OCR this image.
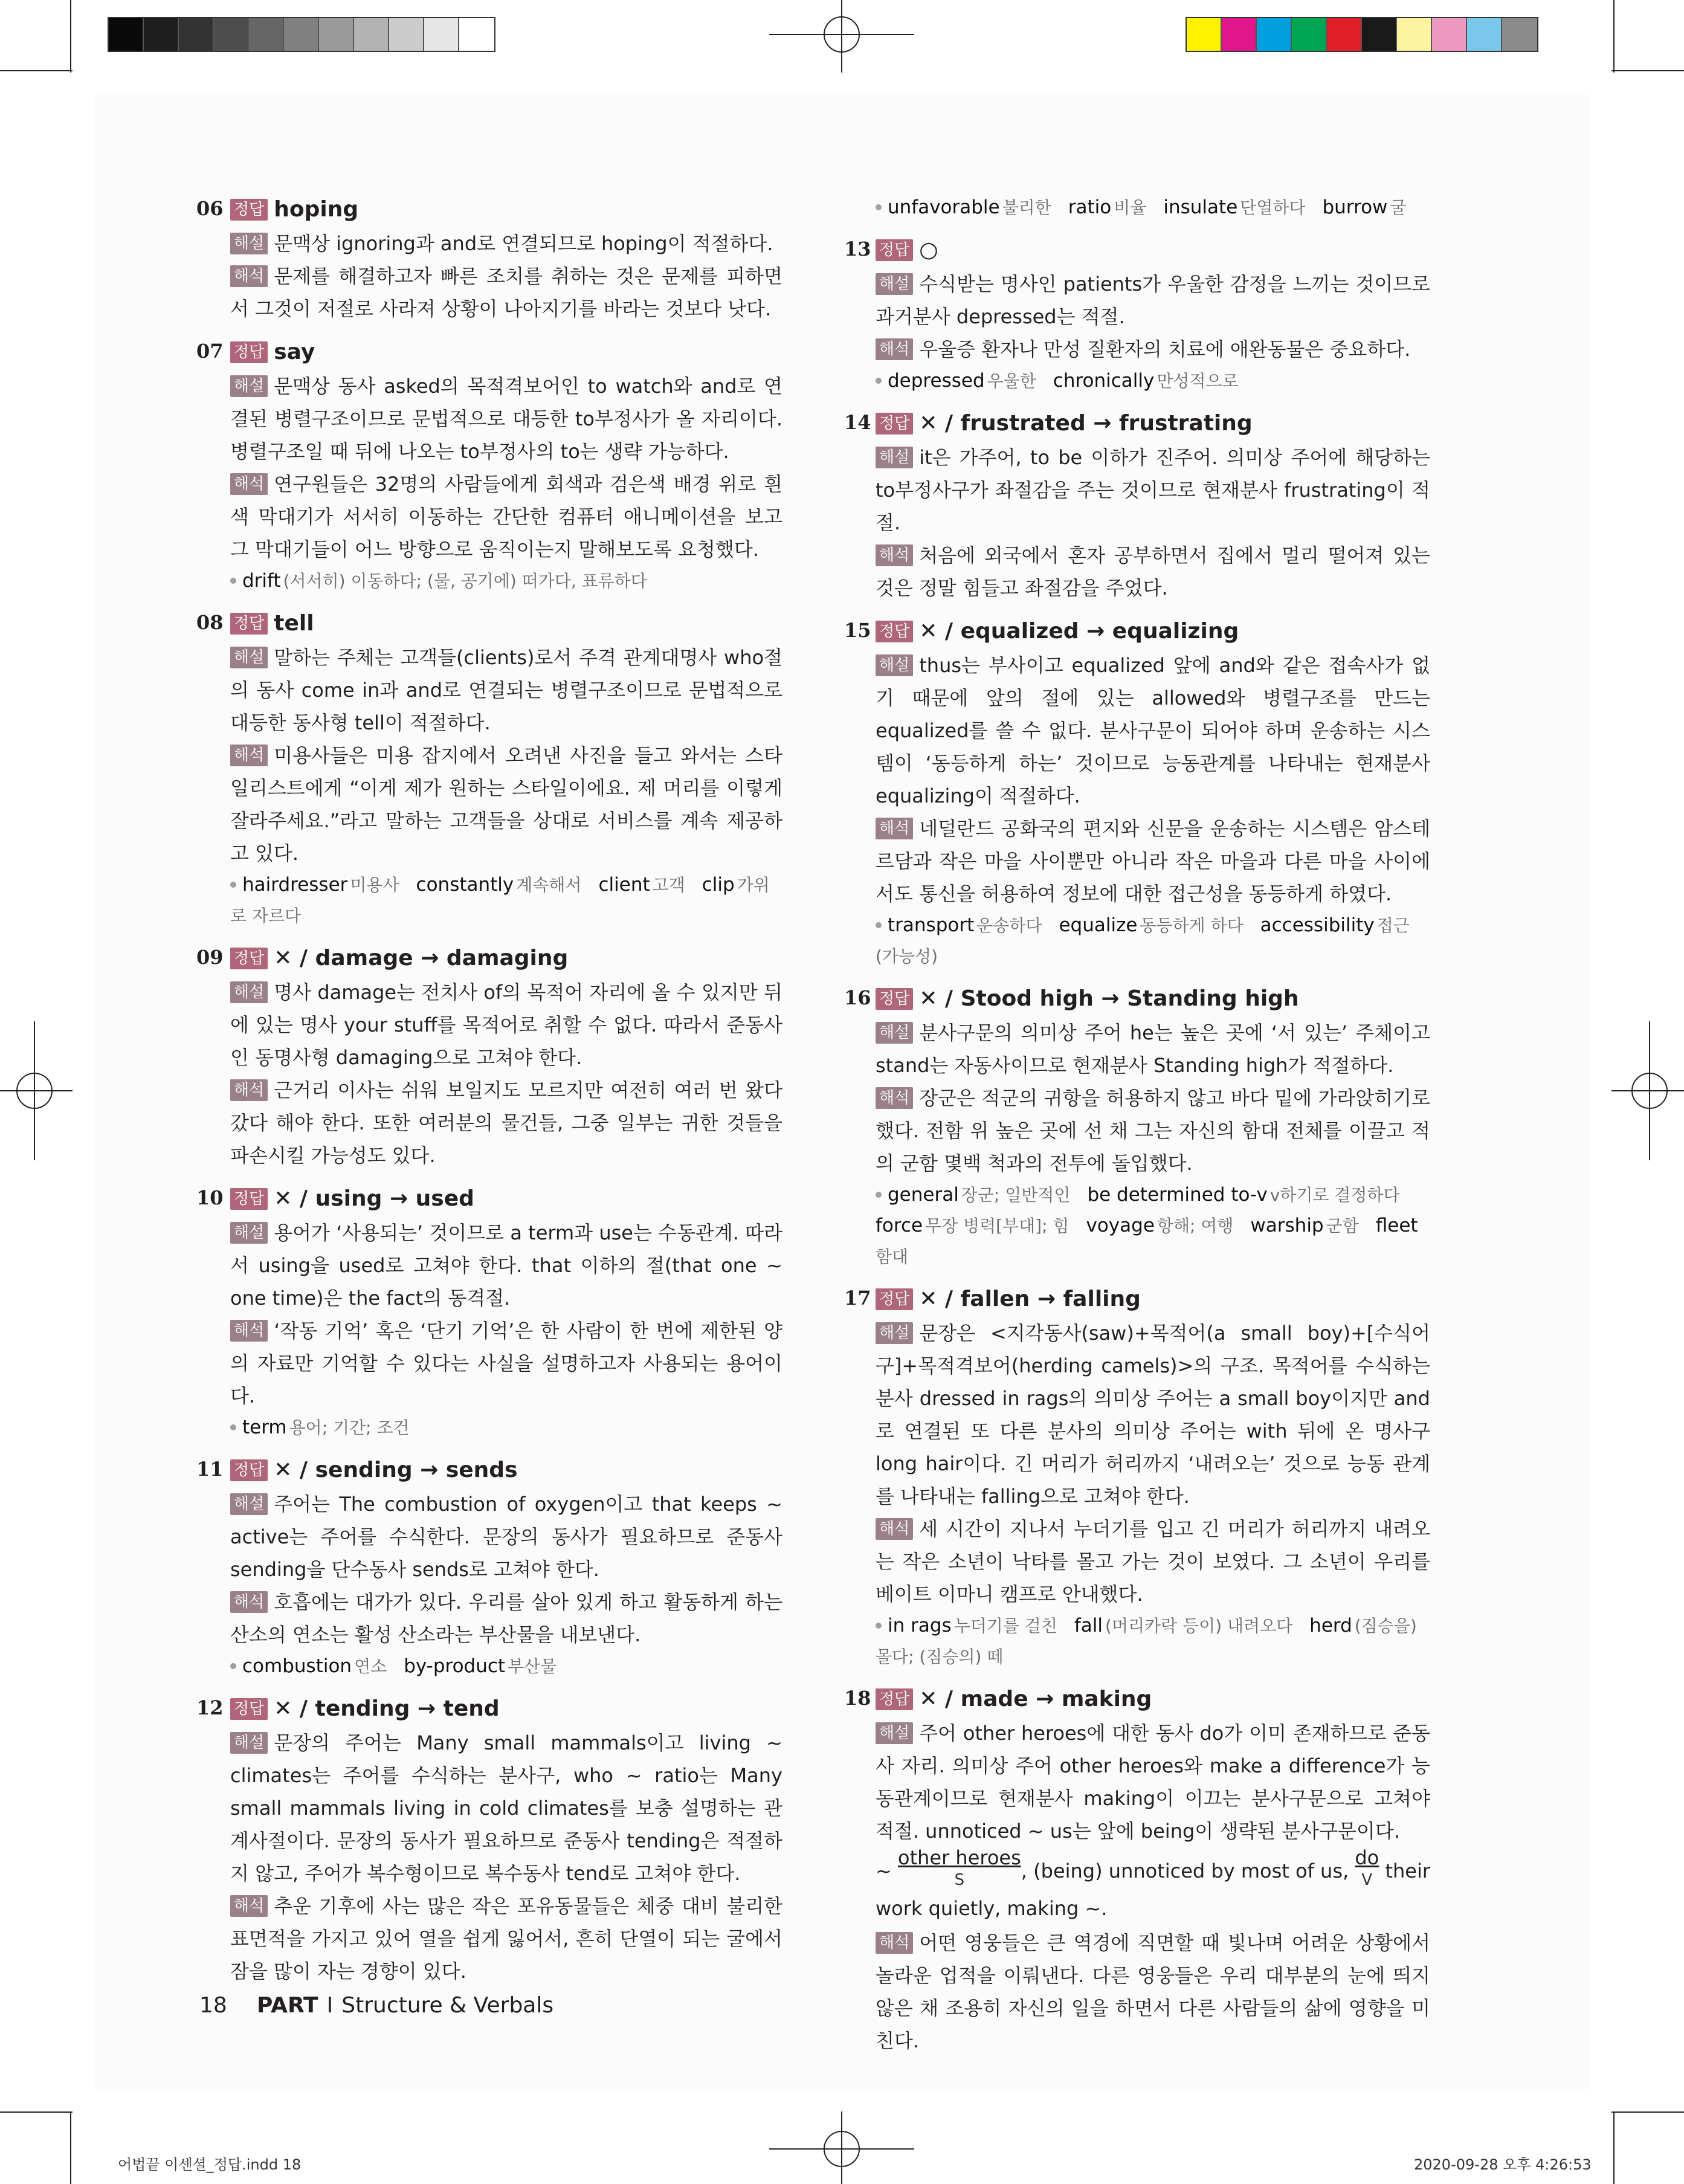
06 정답 hoping
해설 문맥상 ignoring과 and로 연결되므로 hoping이 적절하다.
해석 문제를 해결하고자 빠른 조치를 취하는 것은 문제를 피하면서 그것이 저절로 사라져 상황이 나아지기를 바라는 것보다 낫다.
07 정답 say
해설 문맥상 동사 asked의 목적격보어인 to watch와 and로 연결된 병렬구조이므로 문법적으로 대등한 to부정사가 올 자리이다. 병렬구조일 때 뒤에 나오는 to부정사의 to는 생략 가능하다.
해석 연구원들은 32명의 사람들에게 회색과 검은색 배경 위로 흰색 막대기가 서서히 이동하는 간단한 컴퓨터 애니메이션을 보고 그 막대기들이 어느 방향으로 움직이는지 말해보도록 요청했다.
drift (서서히) 이동하다; (물, 공기에) 떠가다, 표류하다
08 정답 tell
해설 말하는 주체는 고객들(clients)로서 주격 관계대명사 who절의 동사 come in과 and로 연결되는 병렬구조이므로 문법적으로 대등한 동사형 tell이 적절하다.
해석 미용사들은 미용 잡지에서 오려낸 사진을 들고 와서는 스타일리스트에게 “이게 제가 원하는 스타일이에요. 제 머리를 이렇게 잘라주세요.”라고 말하는 고객들을 상대로 서비스를 계속 제공하고 있다.
hairdresser 미용사 constantly 계속해서 client 고객 clip 가위로 자르다
09 정답 ✕ / damage → damaging
해설 명사 damage는 전치사 of의 목적어 자리에 올 수 있지만 뒤에 있는 명사 your stuff를 목적어로 취할 수 없다. 따라서 준동사인 동명사형 damaging으로 고쳐야 한다.
해석 근거리 이사는 쉬워 보일지도 모르지만 여전히 여러 번 왔다 갔다 해야 한다. 또한 여러분의 물건들, 그중 일부는 귀한 것들을 파손시킬 가능성도 있다.
10 정답 ✕ / using → used
해설 용어가 ‘사용되는’ 것이므로 a term과 use는 수동관계. 따라서 using을 used로 고쳐야 한다. that 이하의 절(that one ~ one time)은 the fact의 동격절.
해석 ‘작동 기억’ 혹은 ‘단기 기억’은 한 사람이 한 번에 제한된 양의 자료만 기억할 수 있다는 사실을 설명하고자 사용되는 용어이다.
term 용어; 기간; 조건
11 정답 ✕ / sending → sends
해설 주어는 The combustion of oxygen이고 that keeps ~ active는 주어를 수식한다. 문장의 동사가 필요하므로 준동사 sending을 단수동사 sends로 고쳐야 한다.
해석 호흡에는 대가가 있다. 우리를 살아 있게 하고 활동하게 하는 산소의 연소는 활성 산소라는 부산물을 내보낸다.
combustion 연소 by-product 부산물
12 정답 ✕ / tending → tend
해설 문장의 주어는 Many small mammals이고 living ~ climates는 주어를 수식하는 분사구, who ~ ratio는 Many small mammals living in cold climates를 보충 설명하는 관계사절이다. 문장의 동사가 필요하므로 준동사 tending은 적절하지 않고, 주어가 복수형이므로 복수동사 tend로 고쳐야 한다.
해석 추운 기후에 사는 많은 작은 포유동물들은 체중 대비 불리한 표면적을 가지고 있어 열을 쉽게 잃어서, 흔히 단열이 되는 굴에서 잠을 많이 자는 경향이 있다.
unfavorable 불리한 ratio 비율 insulate 단열하다 burrow 굴
13 정답 ○
해설 수식받는 명사인 patients가 우울한 감정을 느끼는 것이므로 과거분사 depressed는 적절.
해석 우울증 환자나 만성 질환자의 치료에 애완동물은 중요하다.
depressed 우울한 chronically 만성적으로
14 정답 ✕ / frustrated → frustrating
해설 it은 가주어, to be 이하가 진주어. 의미상 주어에 해당하는 to부정사구가 좌절감을 주는 것이므로 현재분사 frustrating이 적절.
해석 처음에 외국에서 혼자 공부하면서 집에서 멀리 떨어져 있는 것은 정말 힘들고 좌절감을 주었다.
15 정답 ✕ / equalized → equalizing
해설 thus는 부사이고 equalized 앞에 and와 같은 접속사가 없기 때문에 앞의 절에 있는 allowed와 병렬구조를 만드는 equalized를 쓸 수 없다. 분사구문이 되어야 하며 운송하는 시스템이 ‘동등하게 하는’ 것이므로 능동관계를 나타내는 현재분사 equalizing이 적절하다.
해석 네덜란드 공화국의 편지와 신문을 운송하는 시스템은 암스테르담과 작은 마을 사이뿐만 아니라 작은 마을과 다른 마을 사이에서도 통신을 허용하여 정보에 대한 접근성을 동등하게 하였다.
transport 운송하다 equalize 동등하게 하다 accessibility 접근 (가능성)
16 정답 ✕ / Stood high → Standing high
해설 분사구문의 의미상 주어 he는 높은 곳에 ‘서 있는’ 주체이고 stand는 자동사이므로 현재분사 Standing high가 적절하다.
해석 장군은 적군의 귀항을 허용하지 않고 바다 밑에 가라앉히기로 했다. 전함 위 높은 곳에 선 채 그는 자신의 함대 전체를 이끌고 적의 군함 몇백 척과의 전투에 돌입했다.
general 장군; 일반적인 be determined to-v v하기로 결정하다
force 무장 병력[부대]; 힘 voyage 항해; 여행 warship 군함 fleet함대
17 정답 ✕ / fallen → falling
해설 문장은 <지각동사(saw)+목적어(a small boy)+[수식어구]+목적격보어(herding camels)>의 구조. 목적어를 수식하는 분사 dressed in rags의 의미상 주어는 a small boy이지만 and로 연결된 또 다른 분사의 의미상 주어는 with 뒤에 온 명사구 long hair이다. 긴 머리가 허리까지 ‘내려오는’ 것으로 능동 관계를 나타내는 falling으로 고쳐야 한다.
해석 세 시간이 지나서 누더기를 입고 긴 머리가 허리까지 내려오는 작은 소년이 낙타를 몰고 가는 것이 보였다. 그 소년이 우리를 베이트 이마니 캠프로 안내했다.
in rags 누더기를 걸친 fall (머리카락 등이) 내려오다 herd (짐승을) 몰다; (짐승의) 떼
18 정답 ✕ / made → making
해설 주어 other heroes에 대한 동사 do가 이미 존재하므로 준동사 자리. 의미상 주어 other heroes와 make a difference가 능동관계이므로 현재분사 making이 이끄는 분사구문으로 고쳐야 적절. unnoticed ~ us는 앞에 being이 생략된 분사구문이다.
~ other heroes
S	, (being) unnoticed by most of us, do
V their work quietly, making ~.
해석 어떤 영웅들은 큰 역경에 직면할 때 빛나며 어려운 상황에서 놀라운 업적을 이뤄낸다. 다른 영웅들은 우리 대부분의 눈에 띄지 않은 채 조용히 자신의 일을 하면서 다른 사람들의 삶에 영향을 미친다.
18 PART I Structure & Verbals
어법끝 이센셜_정답.indd 18	2020-09-28 오후 4:26:53
